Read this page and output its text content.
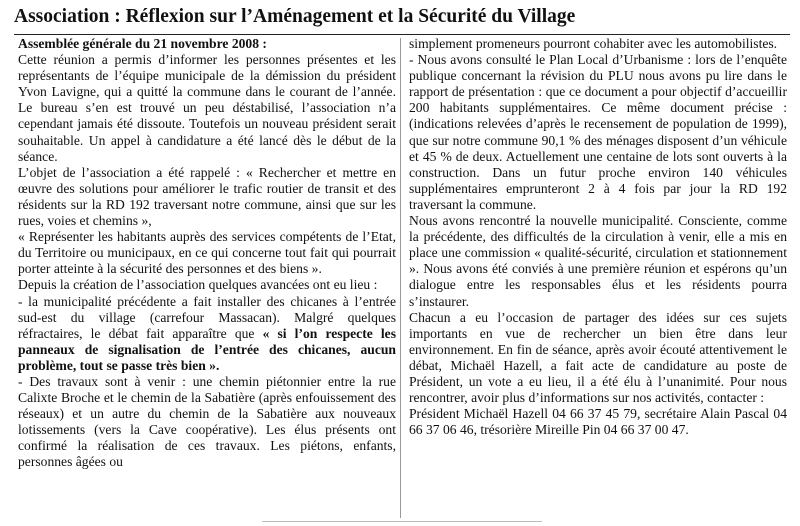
Association : Réflexion sur l’Aménagement et la Sécurité du Village

Assemblée générale du 21 novembre 2008 :

Cette réunion a permis d’informer les personnes présentes et les représentants de l’équipe municipale de la démission du président Yvon Lavigne, qui a quitté la commune dans le courant de l’année. Le bureau s’en est trouvé un peu déstabilisé, l’association n’a cependant jamais été dissoute. Toutefois un nouveau président serait souhaitable. Un appel à candidature a été lancé dès le début de la séance.

L’objet de l’association a été rappelé : « Rechercher et mettre en œuvre des solutions pour améliorer le trafic routier de transit et des résidents sur la RD 192 traversant notre commune, ainsi que sur les rues, voies et chemins »,

« Représenter les habitants auprès des services compétents de l’Etat, du Territoire ou municipaux, en ce qui concerne tout fait qui pourrait porter atteinte à la sécurité des personnes et des biens ».

Depuis la création de l’association quelques avancées ont eu lieu :

- la municipalité précédente a fait installer des chicanes à l’entrée sud-est du village (carrefour Massacan). Malgré quelques réfractaires, le débat fait apparaître que « si l’on respecte les panneaux de signalisation de l’entrée des chicanes, aucun problème, tout se passe très bien ».

- Des travaux sont à venir : une chemin piétonnier entre la rue Calixte Broche et le chemin de la Sabatière (après enfouissement des réseaux) et un autre du chemin de la Sabatière aux nouveaux lotissements (vers la Cave coopérative). Les élus présents ont confirmé la réalisation de ces travaux. Les piétons, enfants, personnes âgées ou

simplement promeneurs pourront cohabiter avec les automobilistes.

- Nous avons consulté le Plan Local d’Urbanisme : lors de l’enquête publique concernant la révision du PLU nous avons pu lire dans le rapport de présentation : que ce document a pour objectif d’accueillir 200 habitants supplémentaires. Ce même document précise : (indications relevées d’après le recensement de population de 1999), que sur notre commune 90,1 % des ménages disposent d’un véhicule et 45 % de deux. Actuellement une centaine de lots sont ouverts à la construction. Dans un futur proche environ 140 véhicules supplémentaires emprunteront 2 à 4 fois par jour la RD 192 traversant la commune.

Nous avons rencontré la nouvelle municipalité. Consciente, comme la précédente, des difficultés de la circulation à venir, elle a mis en place une commission « qualité-sécurité, circulation et stationnement ». Nous avons été conviés à une première réunion et espérons qu’un dialogue entre les responsables élus et les résidents pourra s’instaurer.

Chacun a eu l’occasion de partager des idées sur ces sujets importants en vue de rechercher un bien être dans leur environnement. En fin de séance, après avoir écouté attentivement le débat, Michaël Hazell, a fait acte de candidature au poste de Président, un vote a eu lieu, il a été élu à l’unanimité. Pour nous rencontrer, avoir plus d’informations sur nos activités, contacter :

Président Michaël Hazell 04 66 37 45 79, secrétaire Alain Pascal 04 66 37 06 46, trésorière Mireille Pin 04 66 37 00 47.
